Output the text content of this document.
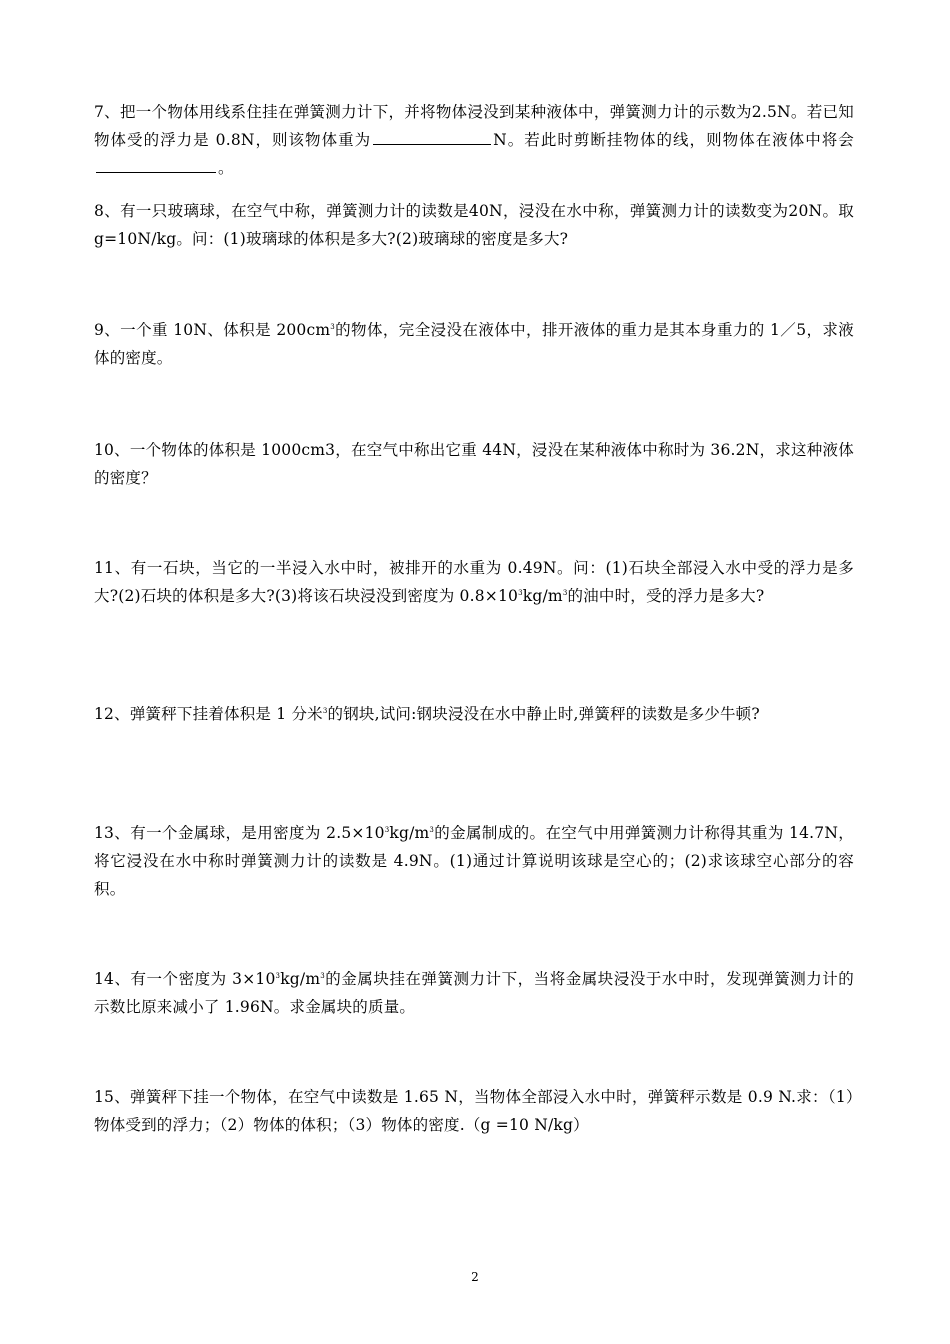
7、把一个物体用线系住挂在弹簧测力计下，并将物体浸没到某种液体中，弹簧测力计的示数为2.5N。若已知物体受的浮力是 0.8N，则该物体重为	N。若此时剪断挂物体的线，则物体在液体中将会。
8、有一只玻璃球，在空气中称，弹簧测力计的读数是40N，浸没在水中称，弹簧测力计的读数变为20N。取g=10N/kg。问：(1)玻璃球的体积是多大?(2)玻璃球的密度是多大?
9、一个重 10N、体积是 $200cm^3$的物体，完全浸没在液体中，排开液体的重力是其本身重力的 1／5，求液体的密度。
10、一个物体的体积是 1000cm3，在空气中称出它重 44N，浸没在某种液体中称时为 36.2N，求这种液体的密度？
11、有一石块，当它的一半浸入水中时，被排开的水重为 0.49N。问：(1)石块全部浸入水中受的浮力是多大?(2)石块的体积是多大?(3)将该石块浸没到密度为 $0.8\times 10^3kg/m^3$的油中时，受的浮力是多大?
12、弹簧秤下挂着体积是 1 分米$^3$的钢块,试问:钢块浸没在水中静止时,弹簧秤的读数是多少牛顿?
13、有一个金属球，是用密度为 $2.5\times 10^3kg/m^3$的金属制成的。在空气中用弹簧测力计称得其重为 14.7N，将它浸没在水中称时弹簧测力计的读数是 4.9N。(1)通过计算说明该球是空心的；(2)求该球空心部分的容积。
14、有一个密度为 $3\times 10^3kg/m^3$的金属块挂在弹簧测力计下，当将金属块浸没于水中时，发现弹簧测力计的示数比原来减小了 1.96N。求金属块的质量。
15、弹簧秤下挂一个物体，在空气中读数是 1.65 N，当物体全部浸入水中时，弹簧秤示数是 0.9 N.求：（1）物体受到的浮力；（2）物体的体积；（3）物体的密度.（g =10 N/kg）
2
